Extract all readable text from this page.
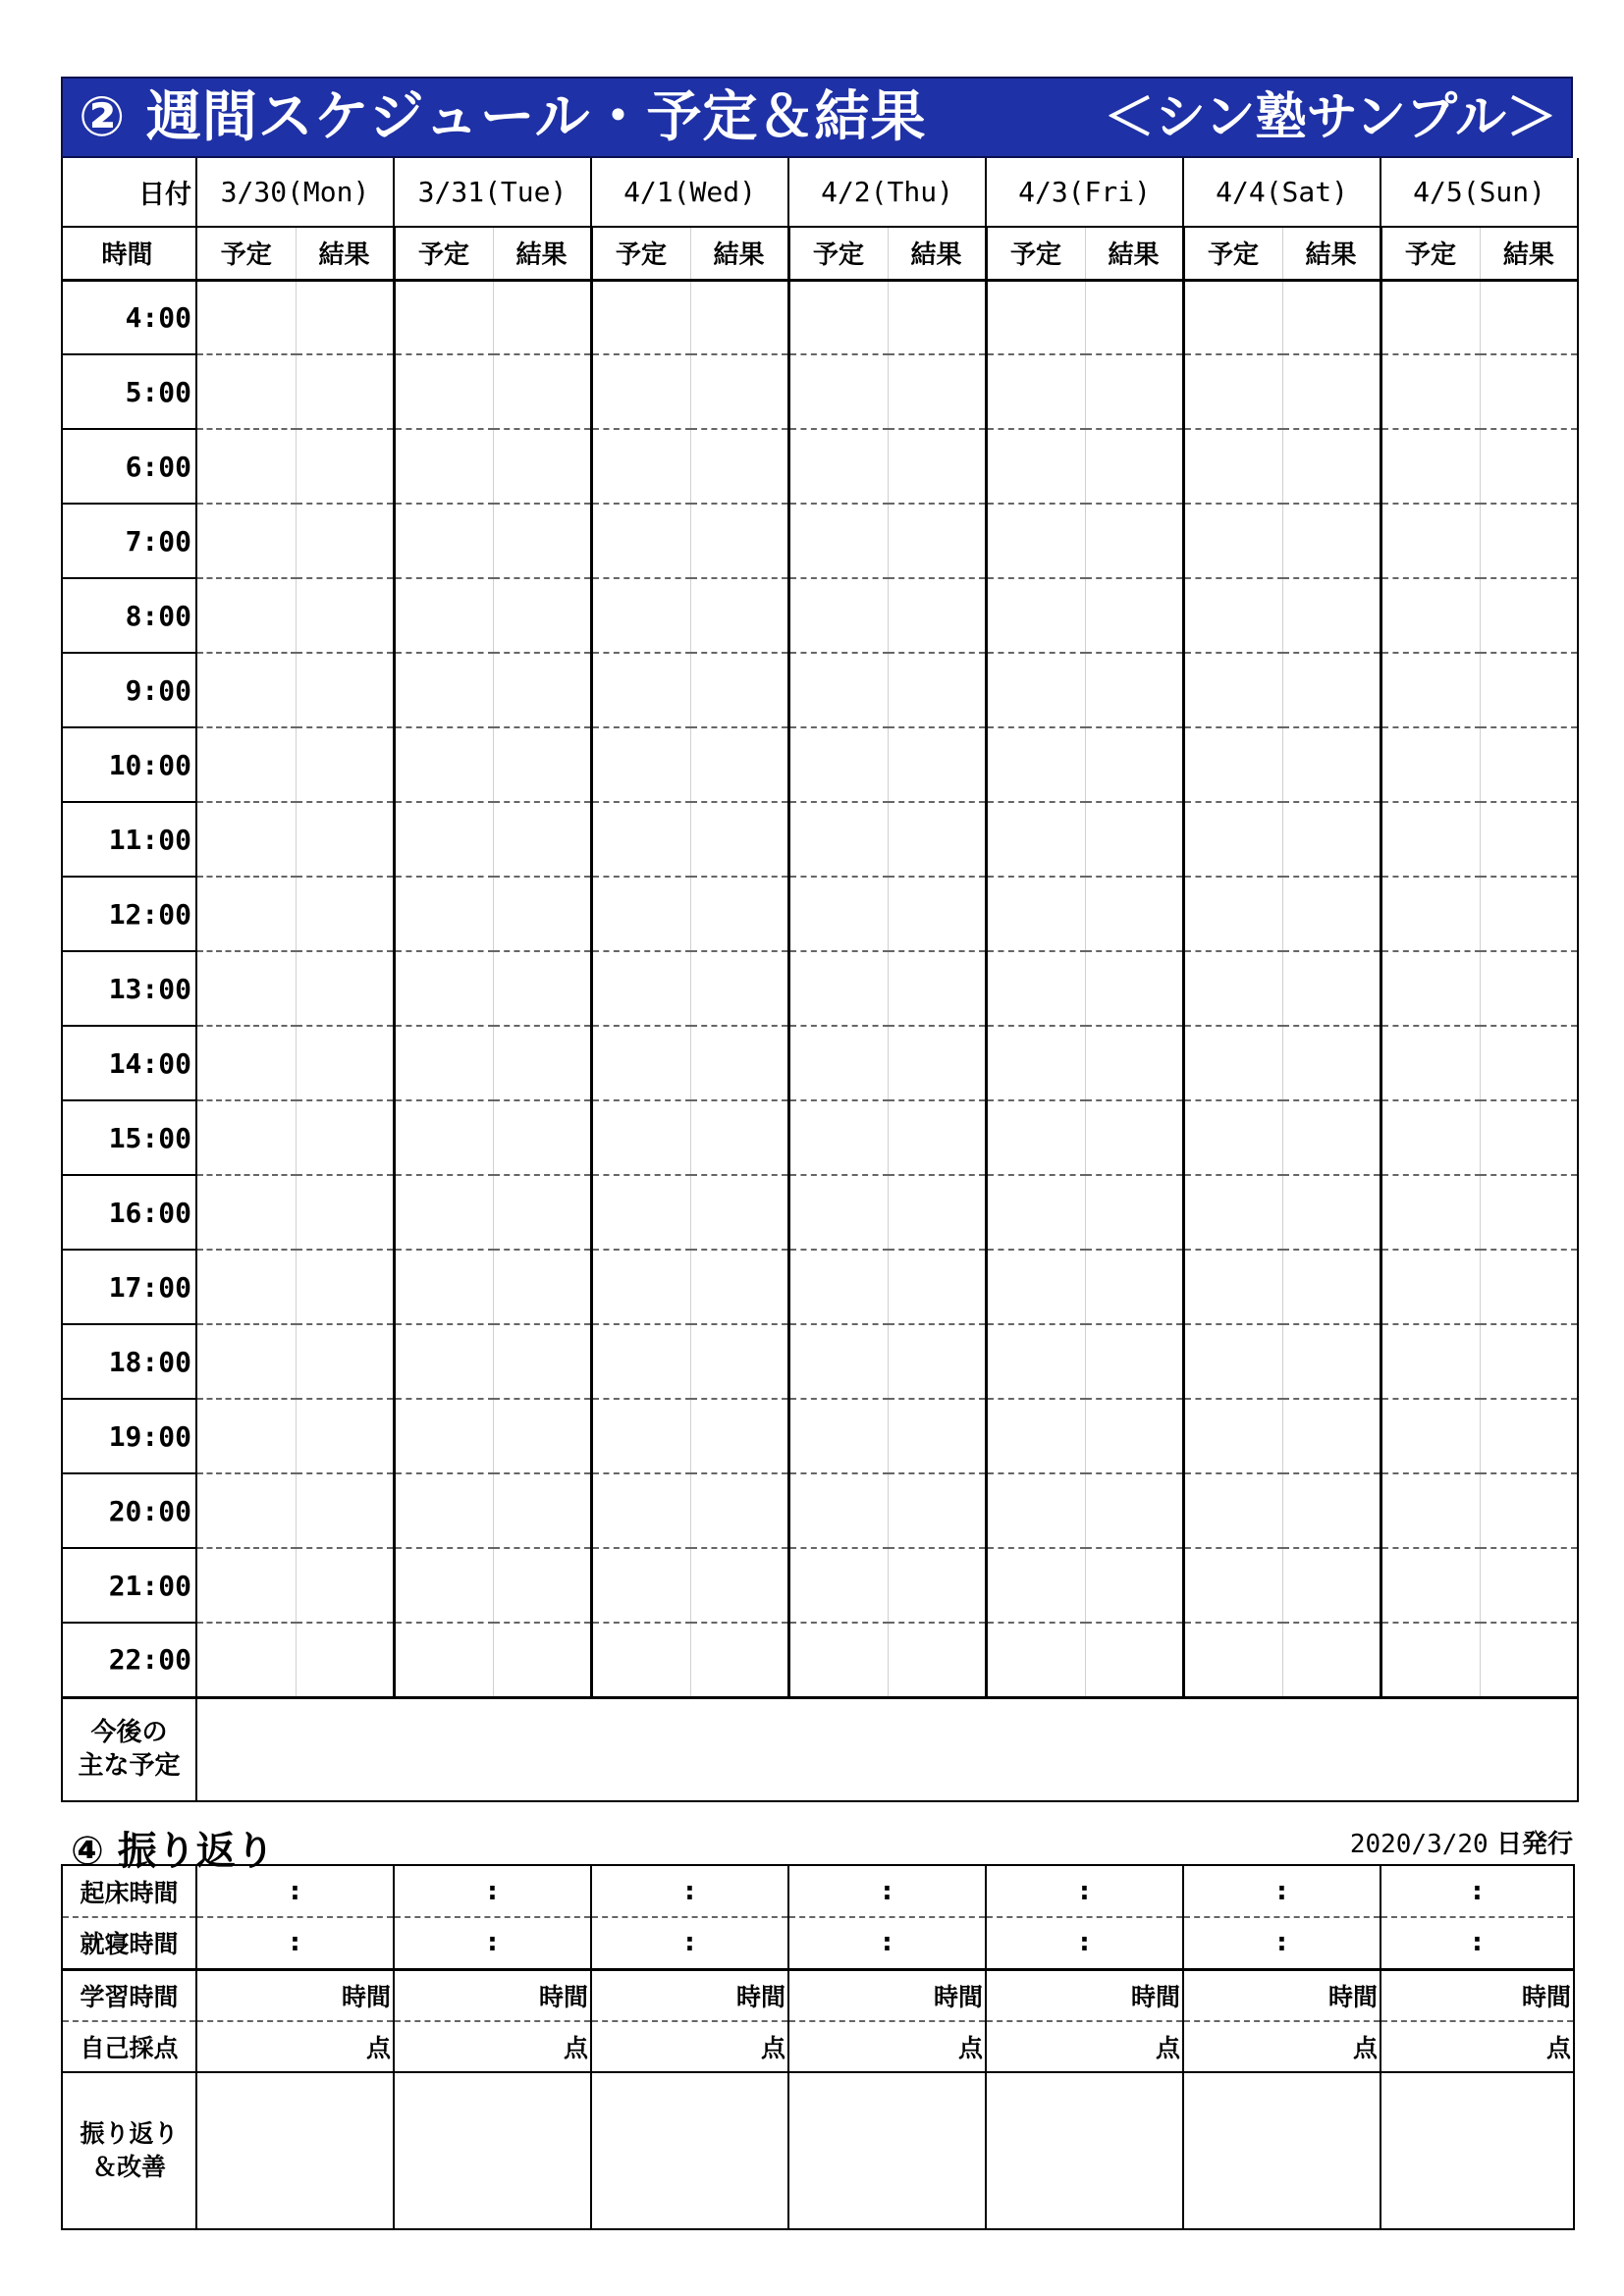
② 週間スケジュール・予定＆結果	＜シン塾サンプル＞
日付	3/30(Mon)		3/31(Tue)		4/1(Wed)		4/2(Thu)		4/3(Fri)		4/4(Sat)		4/5(Sun)	
時間	予定	結果	予定	結果	予定	結果	予定	結果	予定	結果	予定	結果	予定	結果
4:00														
5:00														
6:00														
7:00														
8:00														
9:00														
10:00														
11:00														
12:00														
13:00														
14:00														
15:00														
16:00														
17:00														
18:00														
19:00														
20:00														
21:00														
22:00														

今後の
主な予定														

④ 振り返り	2020/3/20 日発行
起床時間	:	:	:	:	:	:	:
就寝時間	:	:	:	:	:	:	:
学習時間	時間	時間	時間	時間	時間	時間	時間
自己採点	点	点	点	点	点	点	点

振り返り
＆改善							
